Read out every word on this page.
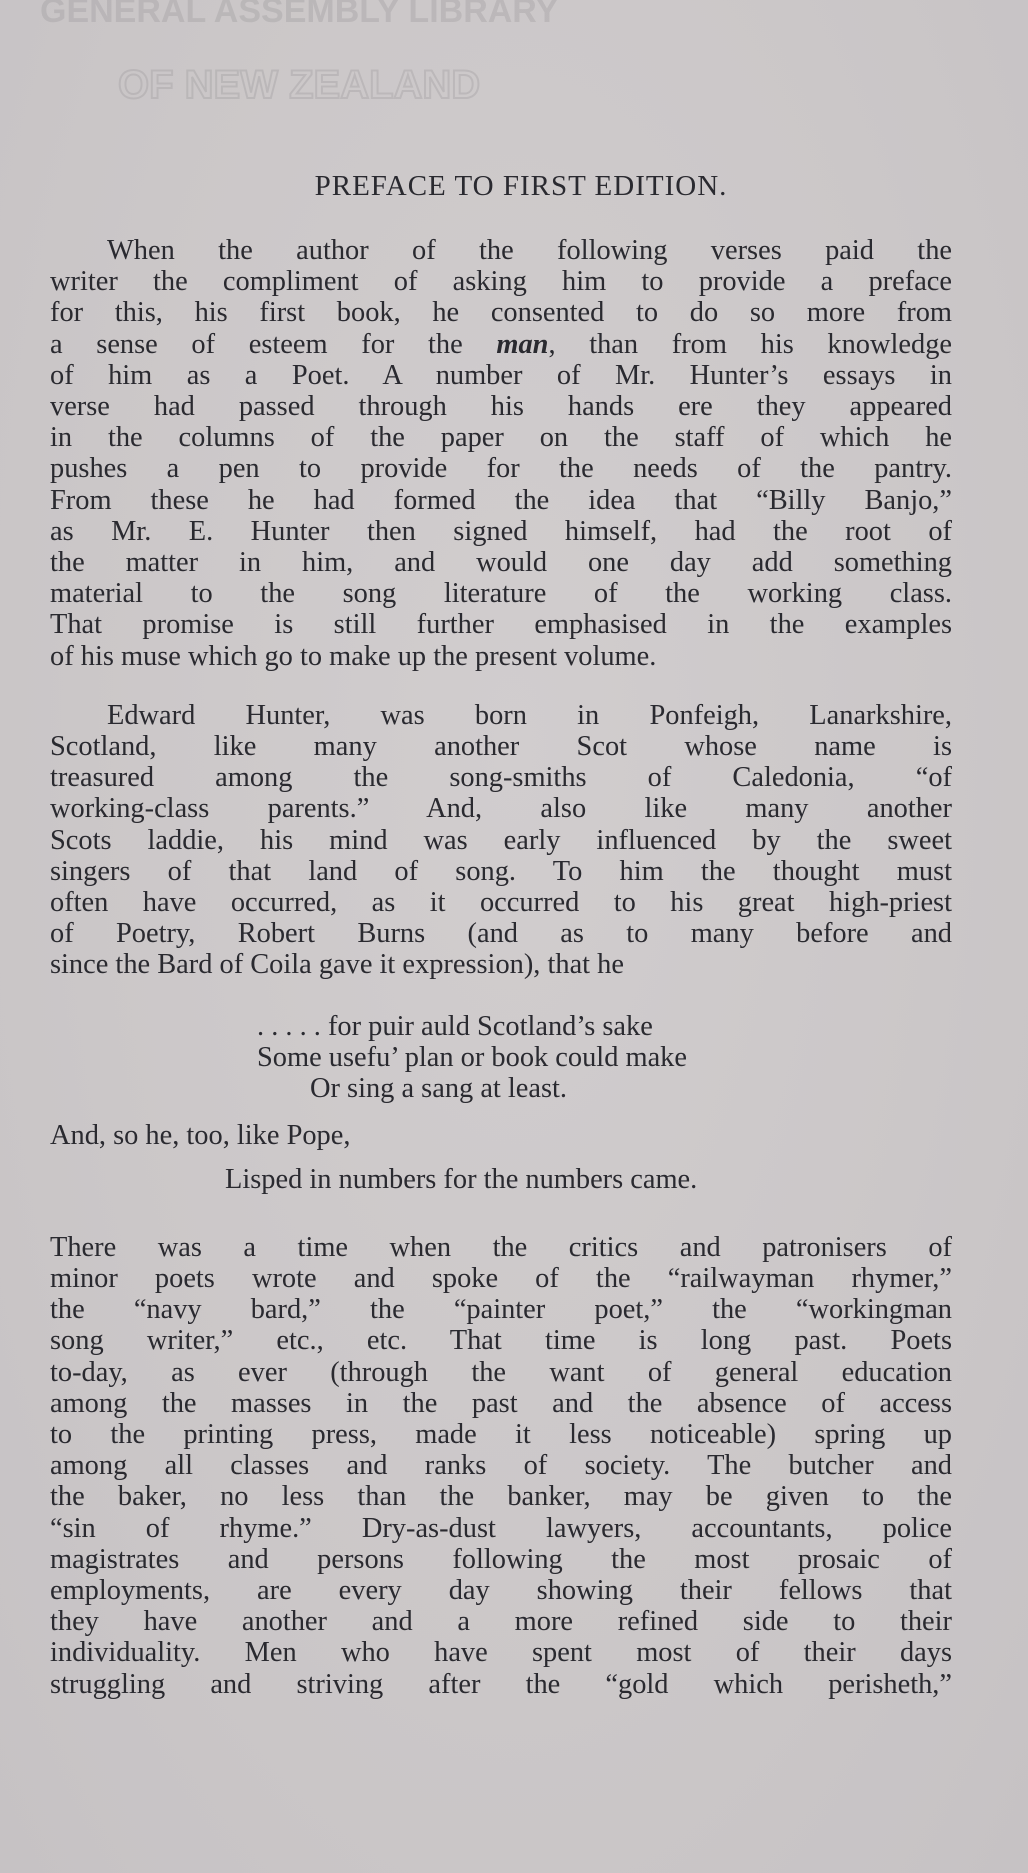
GENERAL ASSEMBLY LIBRARY
OF NEW ZEALAND
PREFACE TO FIRST EDITION.
When the author of the following verses paid the
writer the compliment of asking him to provide a preface
for this, his first book, he consented to do so more from
a sense of esteem for the man, than from his knowledge
of him as a Poet. A number of Mr. Hunter’s essays in
verse had passed through his hands ere they appeared
in the columns of the paper on the staff of which he
pushes a pen to provide for the needs of the pantry.
From these he had formed the idea that “Billy Banjo,”
as Mr. E. Hunter then signed himself, had the root of
the matter in him, and would one day add something
material to the song literature of the working class.
That promise is still further emphasised in the examples
of his muse which go to make up the present volume.
Edward Hunter, was born in Ponfeigh, Lanarkshire,
Scotland, like many another Scot whose name is
treasured among the song-smiths of Caledonia, “of
working-class parents.” And, also like many another
Scots laddie, his mind was early influenced by the sweet
singers of that land of song. To him the thought must
often have occurred, as it occurred to his great high-priest
of Poetry, Robert Burns (and as to many before and
since the Bard of Coila gave it expression), that he
. . . . . for puir auld Scotland’s sake
Some usefu’ plan or book could make
Or sing a sang at least.
And, so he, too, like Pope,
Lisped in numbers for the numbers came.
There was a time when the critics and patronisers of
minor poets wrote and spoke of the “railwayman rhymer,”
the “navy bard,” the “painter poet,” the “workingman
song writer,” etc., etc. That time is long past. Poets
to-day, as ever (through the want of general education
among the masses in the past and the absence of access
to the printing press, made it less noticeable) spring up
among all classes and ranks of society. The butcher and
the baker, no less than the banker, may be given to the
“sin of rhyme.” Dry-as-dust lawyers, accountants, police
magistrates and persons following the most prosaic of
employments, are every day showing their fellows that
they have another and a more refined side to their
individuality. Men who have spent most of their days
struggling and striving after the “gold which perisheth,”
